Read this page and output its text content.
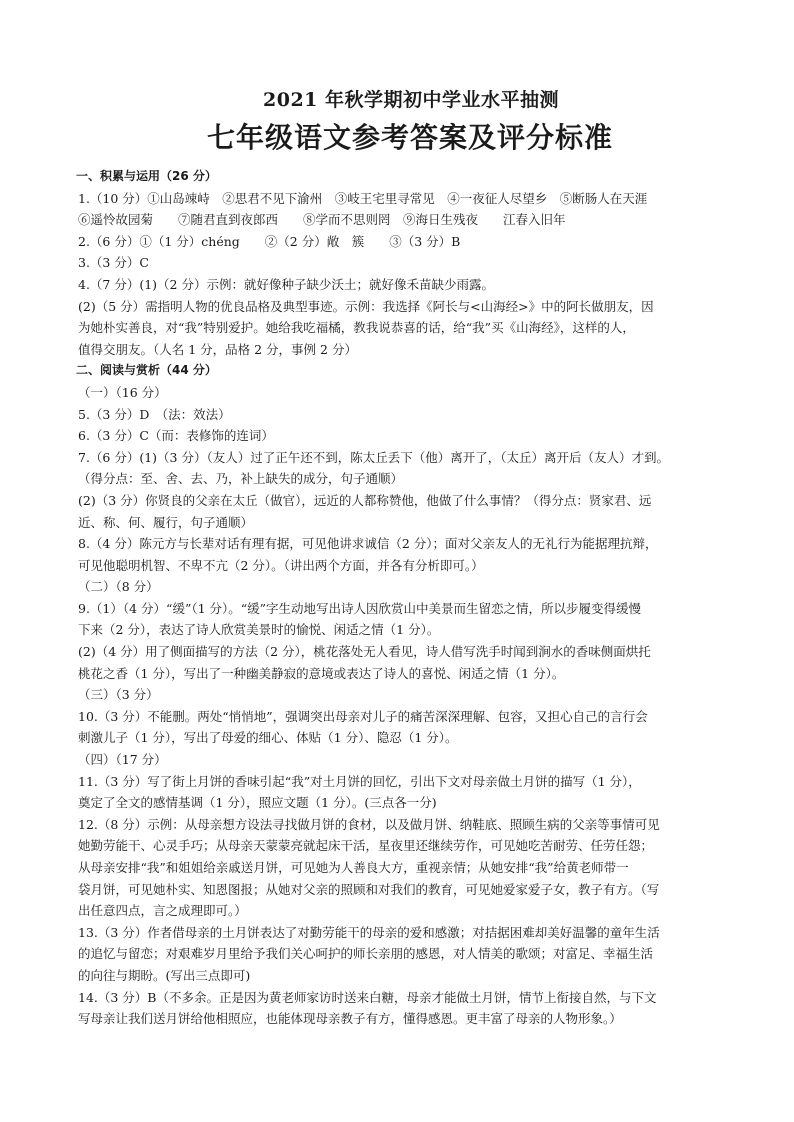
2021 年秋学期初中学业水平抽测
七年级语文参考答案及评分标准

一、积累与运用（26 分）

1.（10 分）①山岛竦峙　②思君不见下渝州　③岐王宅里寻常见　④一夜征人尽望乡　⑤断肠人在天涯

⑥遥怜故园菊　　⑦随君直到夜郎西　　⑧学而不思则罔　⑨海日生残夜　　江春入旧年

2.（6 分）①（1 分）chéng　　②（2 分）敞　簇　　③（3 分）B

3.（3 分）C

4.（7 分）(1)（2 分）示例：就好像种子缺少沃土；就好像禾苗缺少雨露。

(2)（5 分）需指明人物的优良品格及典型事迹。示例：我选择《阿长与<山海经>》中的阿长做朋友，因

为她朴实善良，对“我”特别爱护。她给我吃福橘，教我说恭喜的话，给“我”买《山海经》，这样的人，

值得交朋友。（人名 1 分，品格 2 分，事例 2 分）

二、阅读与赏析（44 分）

（一）（16 分）

5.（3 分）D　（法：效法）

6.（3 分）C（而：表修饰的连词）

7.（6 分）(1)（3 分）（友人）过了正午还不到，陈太丘丢下（他）离开了，（太丘）离开后（友人）才到。

（得分点：至、舍、去、乃，补上缺失的成分，句子通顺）

(2)（3 分）你贤良的父亲在太丘（做官），远近的人都称赞他，他做了什么事情？（得分点：贤家君、远

近、称、何、履行，句子通顺）

8.（4 分）陈元方与长辈对话有理有据，可见他讲求诚信（2 分）；面对父亲友人的无礼行为能据理抗辩，

可见他聪明机智、不卑不亢（2 分）。（讲出两个方面，并各有分析即可。）

（二）（8 分）

9.（1）（4 分）“缓”（1 分）。“缓”字生动地写出诗人因欣赏山中美景而生留恋之情，所以步履变得缓慢

下来（2 分），表达了诗人欣赏美景时的愉悦、闲适之情（1 分）。

(2)（4 分）用了侧面描写的方法（2 分），桃花落处无人看见，诗人借写洗手时闻到涧水的香味侧面烘托

桃花之香（1 分），写出了一种幽美静寂的意境或表达了诗人的喜悦、闲适之情（1 分）。

（三）（3 分）

10.（3 分）不能删。两处“悄悄地”，强调突出母亲对儿子的痛苦深深理解、包容，又担心自己的言行会

刺激儿子（1 分），写出了母爱的细心、体贴（1 分）、隐忍（1 分）。

（四）（17 分）

11.（3 分）写了街上月饼的香味引起“我”对土月饼的回忆，引出下文对母亲做土月饼的描写（1 分），

奠定了全文的感情基调（1 分），照应文题（1 分）。(三点各一分)

12.（8 分）示例：从母亲想方设法寻找做月饼的食材，以及做月饼、纳鞋底、照顾生病的父亲等事情可见

她勤劳能干、心灵手巧；从母亲天蒙蒙亮就起床干活，星夜里还继续劳作，可见她吃苦耐劳、任劳任怨；

从母亲安排“我”和姐姐给亲戚送月饼，可见她为人善良大方，重视亲情；从她安排“我”给黄老师带一

袋月饼，可见她朴实、知恩图报；从她对父亲的照顾和对我们的教育，可见她爱家爱子女，教子有方。（写

出任意四点，言之成理即可。）

13.（3 分）作者借母亲的土月饼表达了对勤劳能干的母亲的爱和感激；对拮据困难却美好温馨的童年生活

的追忆与留恋；对艰难岁月里给予我们关心呵护的师长亲朋的感恩，对人情美的歌颂；对富足、幸福生活

的向往与期盼。(写出三点即可)

14.（3 分）B（不多余。正是因为黄老师家访时送来白糖，母亲才能做土月饼，情节上衔接自然，与下文

写母亲让我们送月饼给他相照应，也能体现母亲教子有方，懂得感恩。更丰富了母亲的人物形象。）
